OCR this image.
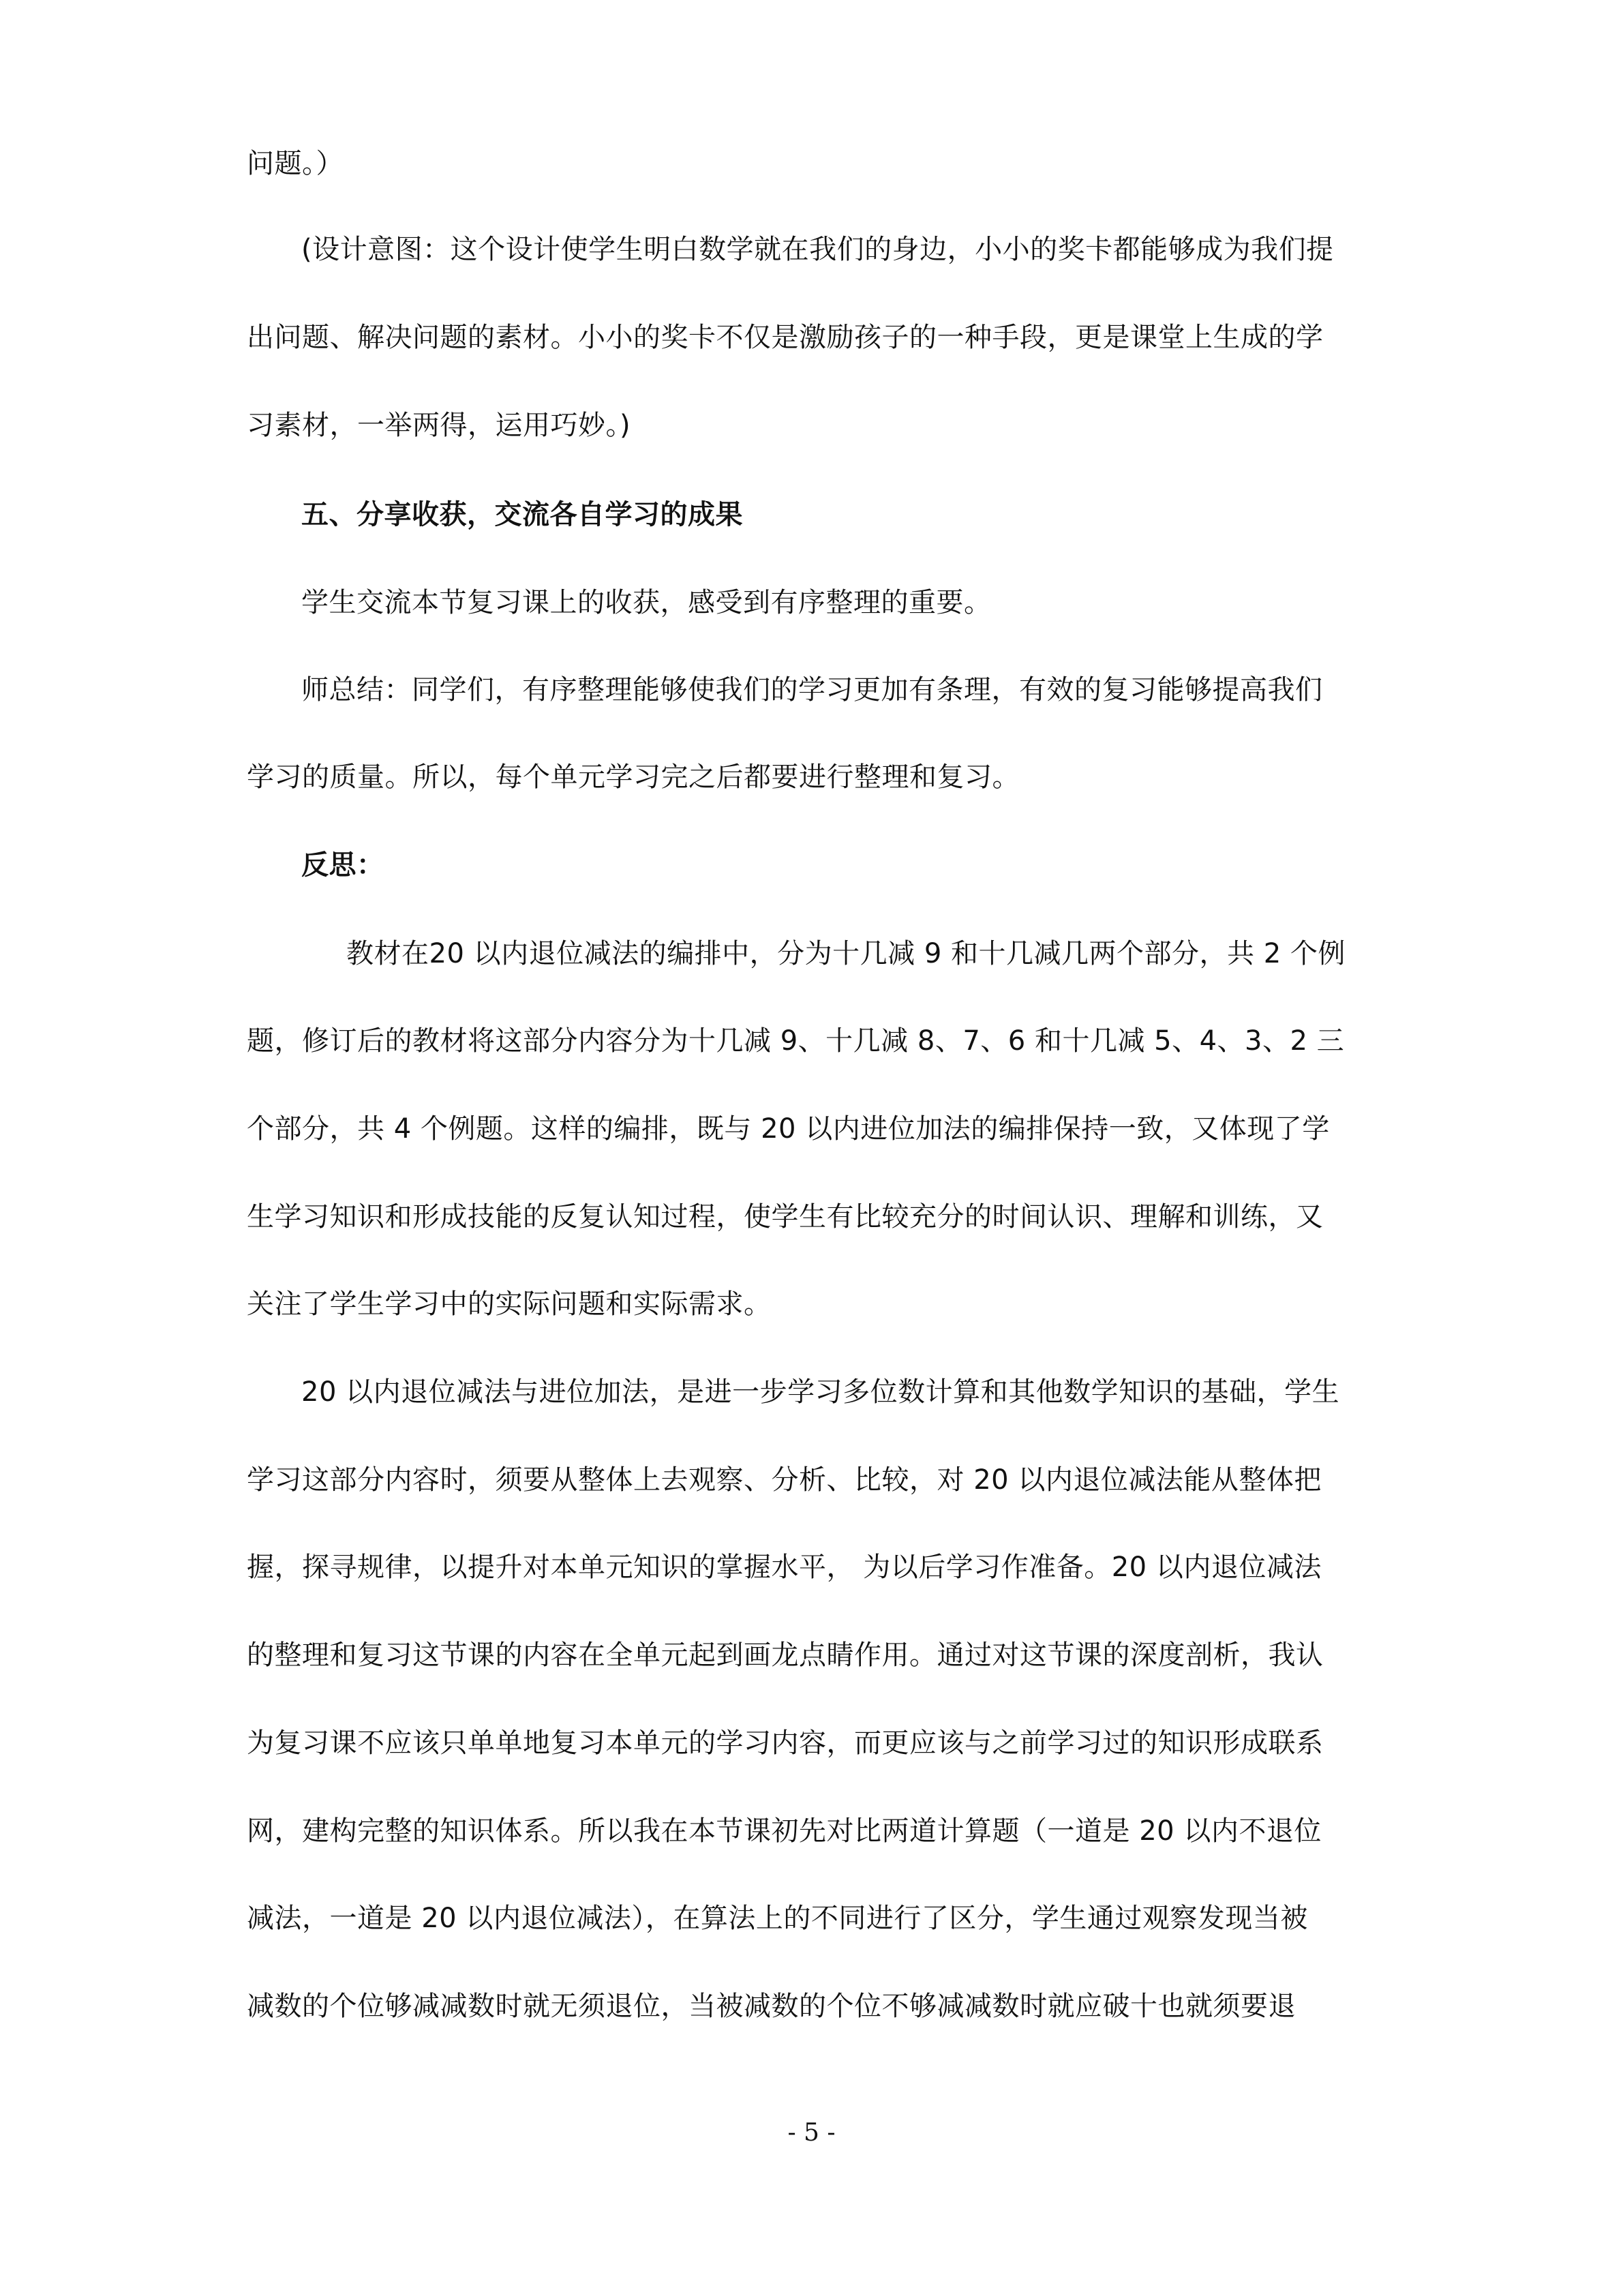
问题。）
(设计意图：这个设计使学生明白数学就在我们的身边，小小的奖卡都能够成为我们提
出问题、解决问题的素材。小小的奖卡不仅是激励孩子的一种手段，更是课堂上生成的学
习素材，一举两得，运用巧妙。)
五、分享收获，交流各自学习的成果
学生交流本节复习课上的收获，感受到有序整理的重要。
师总结：同学们，有序整理能够使我们的学习更加有条理，有效的复习能够提高我们
学习的质量。所以，每个单元学习完之后都要进行整理和复习。
反思：
教材在20 以内退位减法的编排中，分为十几减 9 和十几减几两个部分，共 2 个例
题，修订后的教材将这部分内容分为十几减 9、十几减 8、7、6 和十几减 5、4、3、2 三
个部分，共 4 个例题。这样的编排，既与 20 以内进位加法的编排保持一致，又体现了学
生学习知识和形成技能的反复认知过程，使学生有比较充分的时间认识、理解和训练，又
关注了学生学习中的实际问题和实际需求。
20 以内退位减法与进位加法，是进一步学习多位数计算和其他数学知识的基础，学生
学习这部分内容时，须要从整体上去观察、分析、比较，对 20 以内退位减法能从整体把
握，探寻规律，以提升对本单元知识的掌握水平， 为以后学习作准备。20 以内退位减法
的整理和复习这节课的内容在全单元起到画龙点睛作用。通过对这节课的深度剖析，我认
为复习课不应该只单单地复习本单元的学习内容，而更应该与之前学习过的知识形成联系
网，建构完整的知识体系。所以我在本节课初先对比两道计算题（一道是 20 以内不退位
减法，一道是 20 以内退位减法），在算法上的不同进行了区分，学生通过观察发现当被
减数的个位够减减数时就无须退位，当被减数的个位不够减减数时就应破十也就须要退
- 5 -
